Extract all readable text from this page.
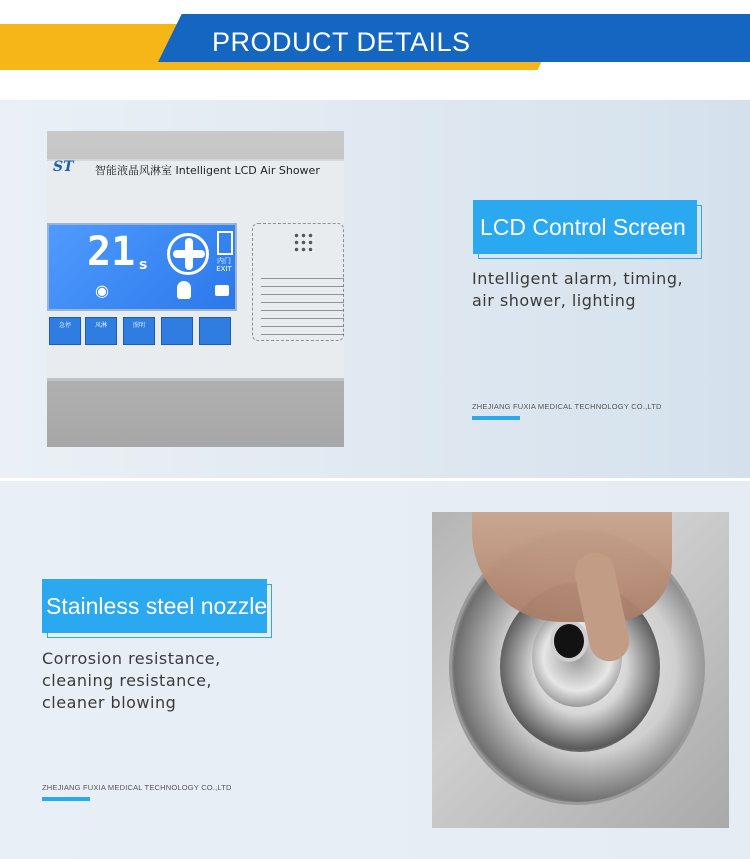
PRODUCT DETAILS
ST 智能液晶风淋室 Intelligent LCD Air Shower
21 s	内门 EXIT
◉
急停	风淋	照明
LCD Control Screen
Intelligent alarm, timing,
air shower, lighting
ZHEJIANG FUXIA MEDICAL TECHNOLOGY CO.,LTD
Stainless steel nozzle
Corrosion resistance,
cleaning resistance,
cleaner blowing
ZHEJIANG FUXIA MEDICAL TECHNOLOGY CO.,LTD
